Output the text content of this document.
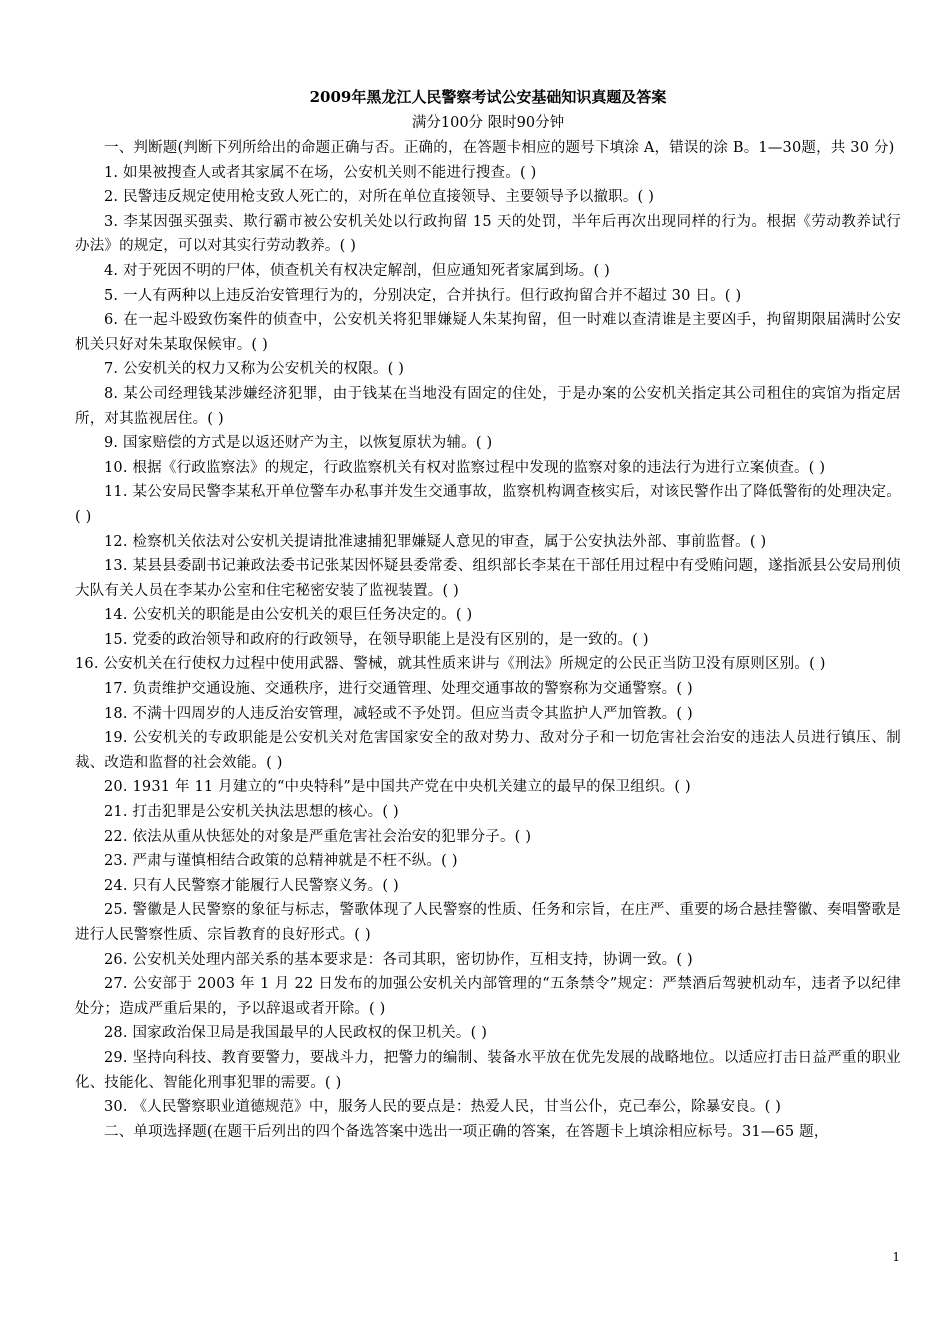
2009年黑龙江人民警察考试公安基础知识真题及答案

满分100分 限时90分钟

一、判断题(判断下列所给出的命题正确与否。正确的，在答题卡相应的题号下填涂 A，错误的涂 B。1—30题，共 30 分)

1. 如果被搜查人或者其家属不在场，公安机关则不能进行搜查。( )

2. 民警违反规定使用枪支致人死亡的，对所在单位直接领导、主要领导予以撤职。( )

3. 李某因强买强卖、欺行霸市被公安机关处以行政拘留 15 天的处罚，半年后再次出现同样的行为。根据《劳动教养试行办法》的规定，可以对其实行劳动教养。( )

4. 对于死因不明的尸体，侦查机关有权决定解剖，但应通知死者家属到场。( )

5. 一人有两种以上违反治安管理行为的，分别决定，合并执行。但行政拘留合并不超过 30 日。( )

6. 在一起斗殴致伤案件的侦查中，公安机关将犯罪嫌疑人朱某拘留，但一时难以查清谁是主要凶手，拘留期限届满时公安机关只好对朱某取保候审。( )

7. 公安机关的权力又称为公安机关的权限。( )

8. 某公司经理钱某涉嫌经济犯罪，由于钱某在当地没有固定的住处，于是办案的公安机关指定其公司租住的宾馆为指定居所，对其监视居住。( )

9. 国家赔偿的方式是以返还财产为主，以恢复原状为辅。( )

10. 根据《行政监察法》的规定，行政监察机关有权对监察过程中发现的监察对象的违法行为进行立案侦查。( )

11. 某公安局民警李某私开单位警车办私事并发生交通事故，监察机构调查核实后，对该民警作出了降低警衔的处理决定。( )

12. 检察机关依法对公安机关提请批准逮捕犯罪嫌疑人意见的审查，属于公安执法外部、事前监督。( )

13. 某县县委副书记兼政法委书记张某因怀疑县委常委、组织部长李某在干部任用过程中有受贿问题，遂指派县公安局刑侦大队有关人员在李某办公室和住宅秘密安装了监视装置。( )

14. 公安机关的职能是由公安机关的艰巨任务决定的。( )

15. 党委的政治领导和政府的行政领导，在领导职能上是没有区别的，是一致的。( )

16. 公安机关在行使权力过程中使用武器、警械，就其性质来讲与《刑法》所规定的公民正当防卫没有原则区别。( )

17. 负责维护交通设施、交通秩序，进行交通管理、处理交通事故的警察称为交通警察。( )

18. 不满十四周岁的人违反治安管理，减轻或不予处罚。但应当责令其监护人严加管教。( )

19. 公安机关的专政职能是公安机关对危害国家安全的敌对势力、敌对分子和一切危害社会治安的违法人员进行镇压、制裁、改造和监督的社会效能。( )

20. 1931 年 11 月建立的“中央特科”是中国共产党在中央机关建立的最早的保卫组织。( )

21. 打击犯罪是公安机关执法思想的核心。( )

22. 依法从重从快惩处的对象是严重危害社会治安的犯罪分子。( )

23. 严肃与谨慎相结合政策的总精神就是不枉不纵。( )

24. 只有人民警察才能履行人民警察义务。( )

25. 警徽是人民警察的象征与标志，警歌体现了人民警察的性质、任务和宗旨，在庄严、重要的场合悬挂警徽、奏唱警歌是进行人民警察性质、宗旨教育的良好形式。( )

26. 公安机关处理内部关系的基本要求是：各司其职，密切协作，互相支持，协调一致。( )

27. 公安部于 2003 年 1 月 22 日发布的加强公安机关内部管理的“五条禁令”规定：严禁酒后驾驶机动车，违者予以纪律处分；造成严重后果的，予以辞退或者开除。( )

28. 国家政治保卫局是我国最早的人民政权的保卫机关。( )

29. 坚持向科技、教育要警力，要战斗力，把警力的编制、装备水平放在优先发展的战略地位。以适应打击日益严重的职业化、技能化、智能化刑事犯罪的需要。( )

30. 《人民警察职业道德规范》中，服务人民的要点是：热爱人民，甘当公仆，克己奉公，除暴安良。( )

二、单项选择题(在题干后列出的四个备选答案中选出一项正确的答案，在答题卡上填涂相应标号。31—65 题，

1
